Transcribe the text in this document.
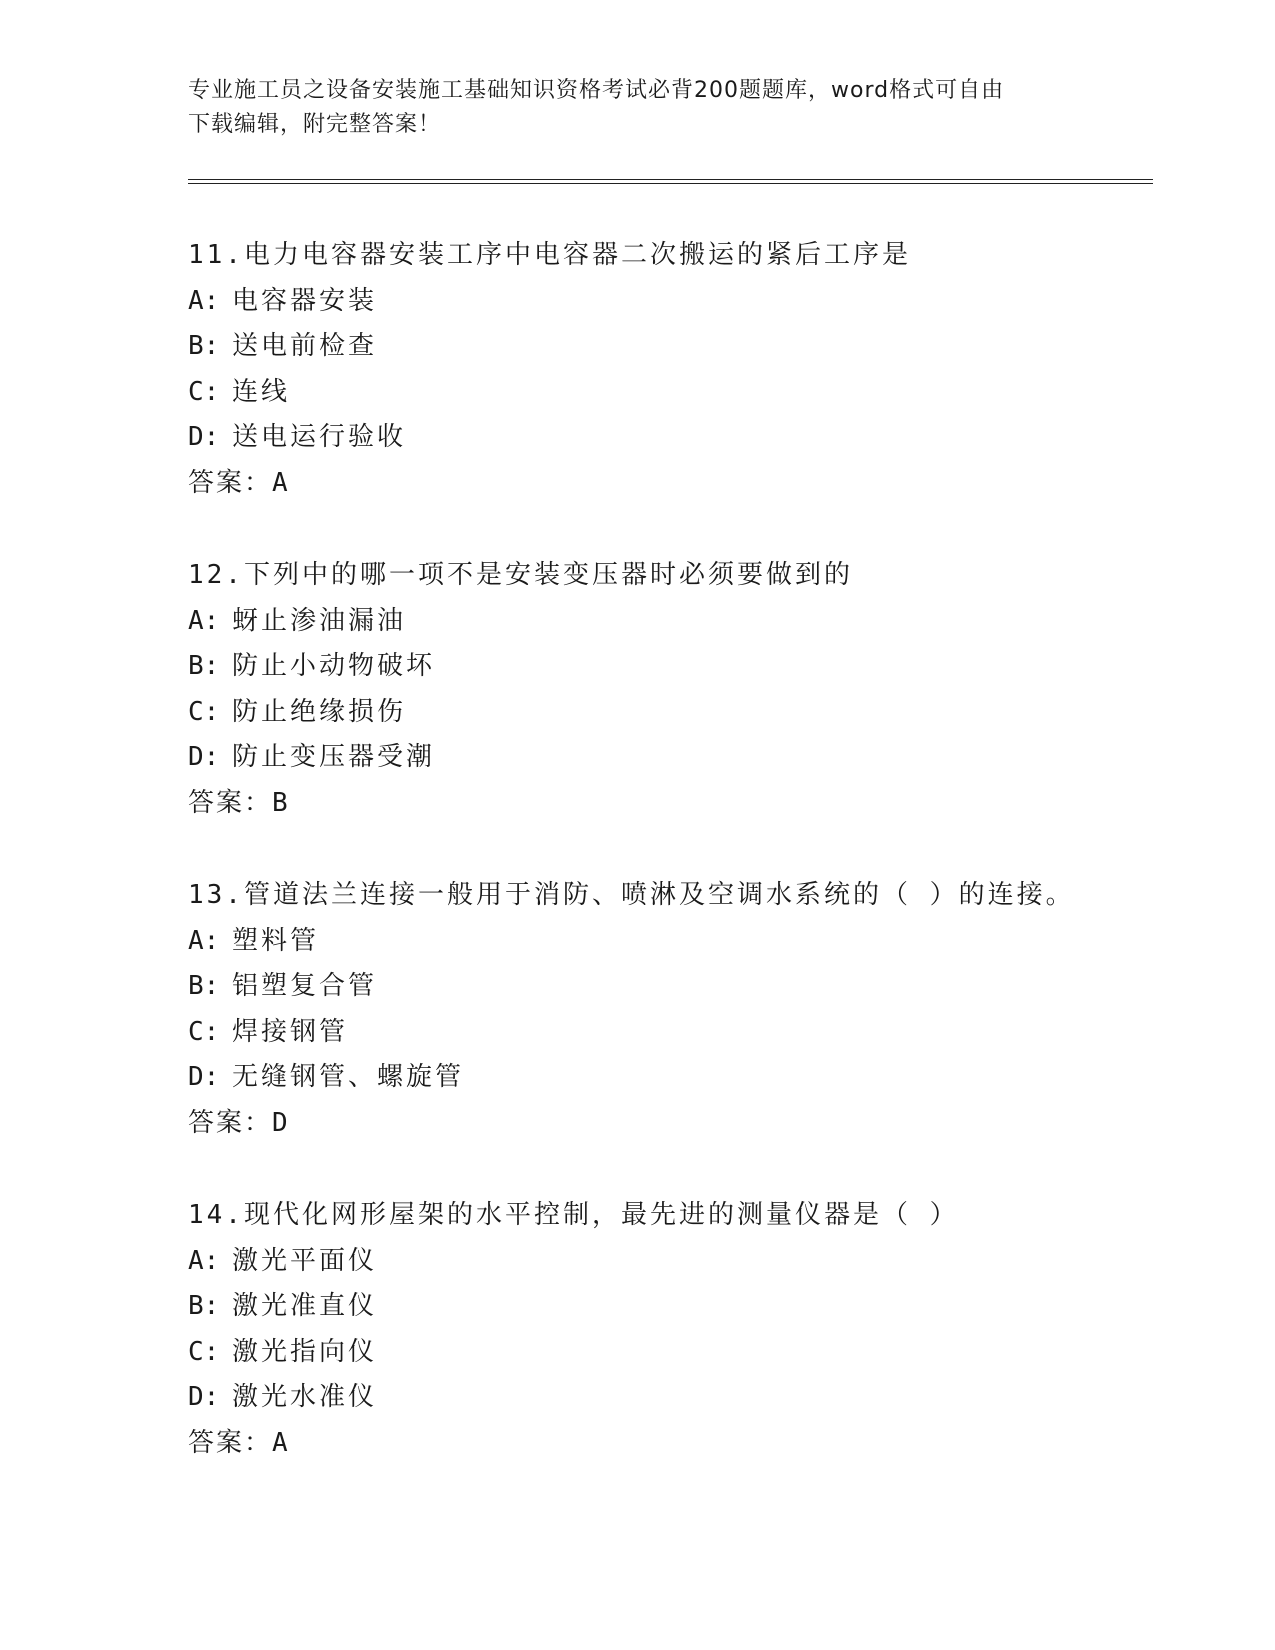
专业施工员之设备安装施工基础知识资格考试必背200题题库，word格式可自由
下载编辑，附完整答案！
11.电力电容器安装工序中电容器二次搬运的紧后工序是
A: 电容器安装
B: 送电前检查
C: 连线
D: 送电运行验收
答案：A
12.下列中的哪一项不是安装变压器时必须要做到的
A: 蚜止渗油漏油
B: 防止小动物破坏
C: 防止绝缘损伤
D: 防止变压器受潮
答案：B
13.管道法兰连接一般用于消防、喷淋及空调水系统的（ ）的连接。
A: 塑料管
B: 铝塑复合管
C: 焊接钢管
D: 无缝钢管、螺旋管
答案：D
14.现代化网形屋架的水平控制，最先进的测量仪器是（ ）
A: 激光平面仪
B: 激光准直仪
C: 激光指向仪
D: 激光水准仪
答案：A
